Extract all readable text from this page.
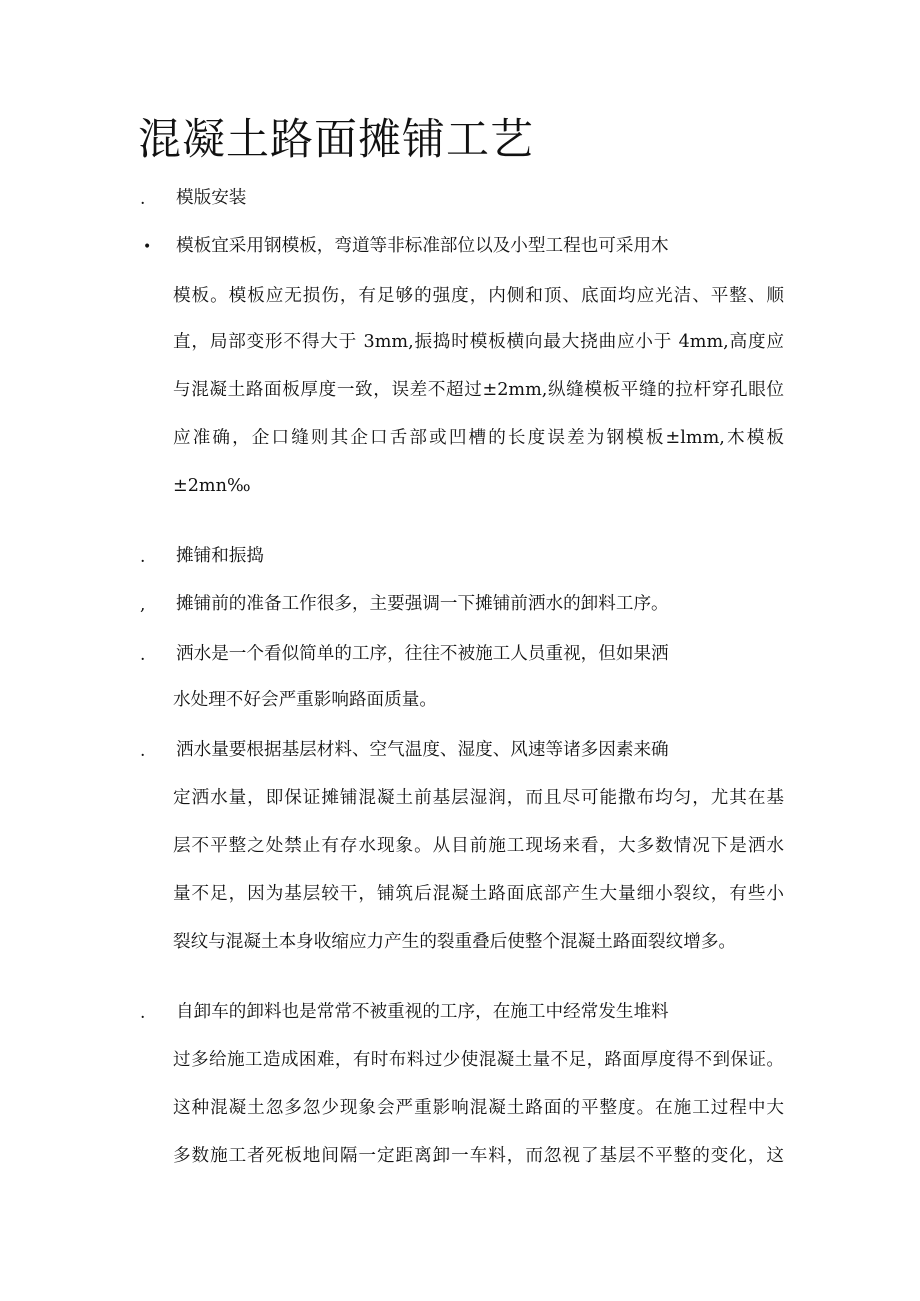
混凝土路面摊铺工艺
.	模版安装
•	模板宜采用钢模板，弯道等非标准部位以及小型工程也可采用木
模板。模板应无损伤，有足够的强度，内侧和顶、底面均应光洁、平整、顺
直，局部变形不得大于 3mm,振捣时模板横向最大挠曲应小于 4mm,高度应
与混凝土路面板厚度一致，误差不超过±2mm,纵缝模板平缝的拉杆穿孔眼位
应准确，企口缝则其企口舌部或凹槽的长度误差为钢模板±lmm,木模板
±2mn‰
.	摊铺和振捣
,	摊铺前的准备工作很多，主要强调一下摊铺前洒水的卸料工序。
.	洒水是一个看似简单的工序，往往不被施工人员重视，但如果洒
水处理不好会严重影响路面质量。
.	洒水量要根据基层材料、空气温度、湿度、风速等诸多因素来确
定洒水量，即保证摊铺混凝土前基层湿润，而且尽可能撒布均匀，尤其在基
层不平整之处禁止有存水现象。从目前施工现场来看，大多数情况下是洒水
量不足，因为基层较干，铺筑后混凝土路面底部产生大量细小裂纹，有些小
裂纹与混凝土本身收缩应力产生的裂重叠后使整个混凝土路面裂纹增多。
.	自卸车的卸料也是常常不被重视的工序，在施工中经常发生堆料
过多给施工造成困难，有时布料过少使混凝土量不足，路面厚度得不到保证。
这种混凝土忽多忽少现象会严重影响混凝土路面的平整度。在施工过程中大
多数施工者死板地间隔一定距离卸一车料，而忽视了基层不平整的变化，这
